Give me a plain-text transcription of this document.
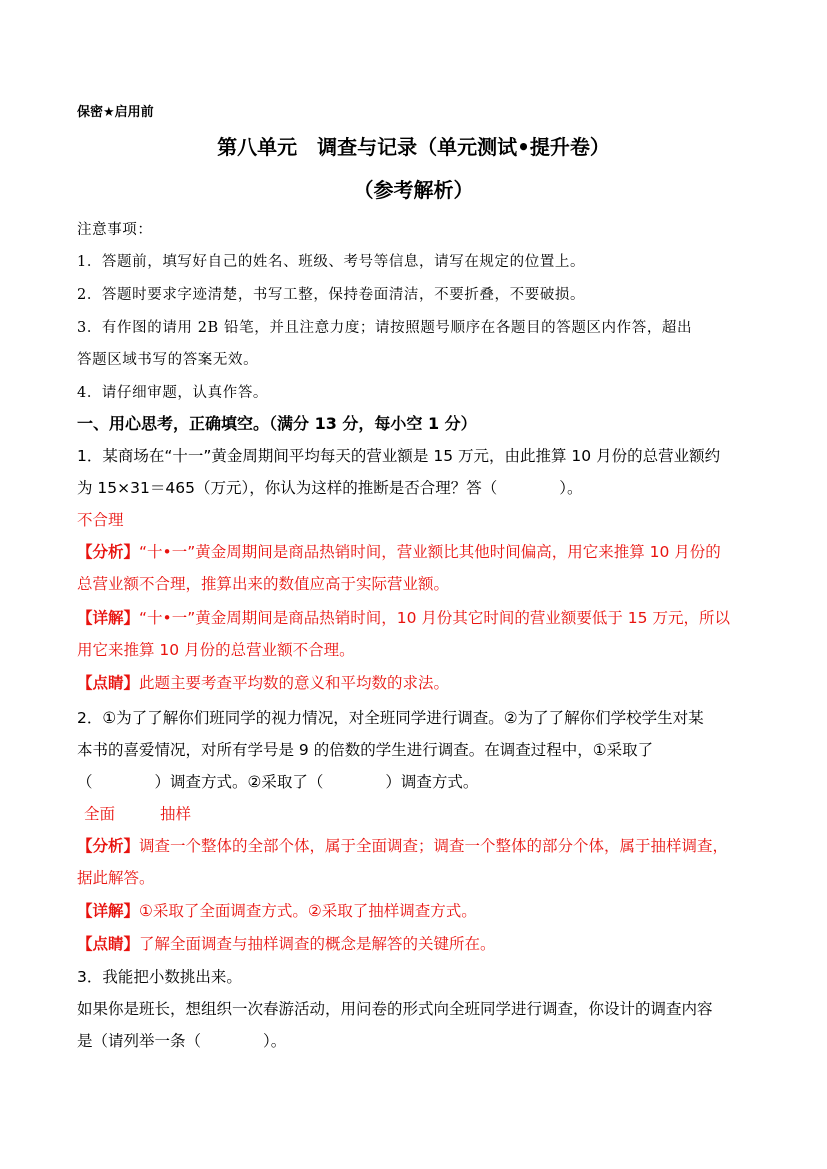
保密★启用前
第八单元　调查与记录（单元测试•提升卷）
（参考解析）
注意事项：
1．答题前，填写好自己的姓名、班级、考号等信息，请写在规定的位置上。
2．答题时要求字迹清楚，书写工整，保持卷面清洁，不要折叠，不要破损。
3．有作图的请用 2B 铅笔，并且注意力度；请按照题号顺序在各题目的答题区内作答，超出
答题区域书写的答案无效。
4．请仔细审题，认真作答。
一、用心思考，正确填空。（满分 13 分，每小空 1 分）
1．某商场在“十一”黄金周期间平均每天的营业额是 15 万元，由此推算 10 月份的总营业额约
为 15×31＝465（万元），你认为这样的推断是否合理？答（　　　　）。
不合理
【分析】“十•一”黄金周期间是商品热销时间，营业额比其他时间偏高，用它来推算 10 月份的
总营业额不合理，推算出来的数值应高于实际营业额。
【详解】“十•一”黄金周期间是商品热销时间，10 月份其它时间的营业额要低于 15 万元，所以
用它来推算 10 月份的总营业额不合理。
【点睛】此题主要考查平均数的意义和平均数的求法。
2．①为了了解你们班同学的视力情况，对全班同学进行调查。②为了了解你们学校学生对某
本书的喜爱情况，对所有学号是 9 的倍数的学生进行调查。在调查过程中，①采取了
（　　　　）调查方式。②采取了（　　　　）调查方式。
全面	抽样
【分析】调查一个整体的全部个体，属于全面调查；调查一个整体的部分个体，属于抽样调查，
据此解答。
【详解】①采取了全面调查方式。②采取了抽样调查方式。
【点睛】了解全面调查与抽样调查的概念是解答的关键所在。
3．我能把小数挑出来。
如果你是班长，想组织一次春游活动，用问卷的形式向全班同学进行调查，你设计的调查内容
是（请列举一条（　　　　）。
